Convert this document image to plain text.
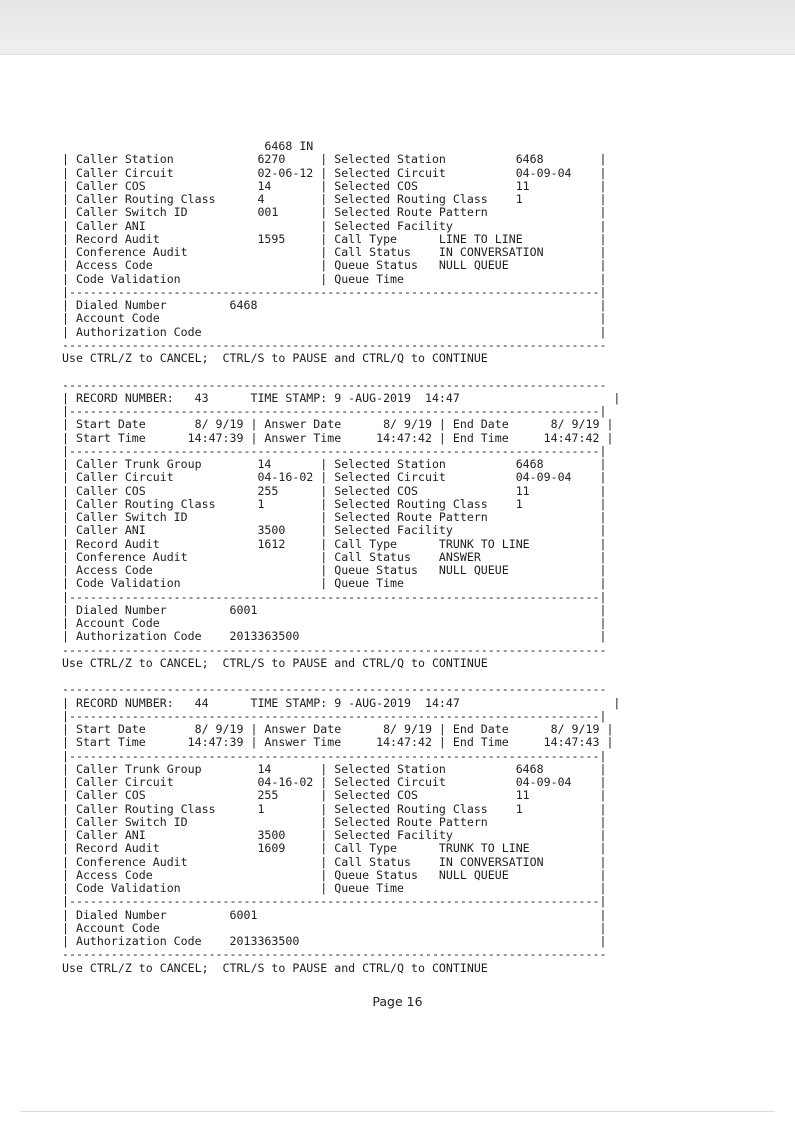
6468 IN
| Caller Station            6270     | Selected Station          6468        |
| Caller Circuit            02-06-12 | Selected Circuit          04-09-04    |
| Caller COS                14       | Selected COS              11          |
| Caller Routing Class      4        | Selected Routing Class    1           |
| Caller Switch ID          001      | Selected Route Pattern                |
| Caller ANI                         | Selected Facility                     |
| Record Audit              1595     | Call Type      LINE TO LINE           |
| Conference Audit                   | Call Status    IN CONVERSATION        |
| Access Code                        | Queue Status   NULL QUEUE             |
| Code Validation                    | Queue Time                            |
|----------------------------------------------------------------------------|
| Dialed Number         6468                                                 |
| Account Code                                                               |
| Authorization Code                                                         |
------------------------------------------------------------------------------
Use CTRL/Z to CANCEL;  CTRL/S to PAUSE and CTRL/Q to CONTINUE

------------------------------------------------------------------------------
| RECORD NUMBER:   43      TIME STAMP: 9 -AUG-2019  14:47                      |
|----------------------------------------------------------------------------|
| Start Date       8/ 9/19 | Answer Date      8/ 9/19 | End Date      8/ 9/19 |
| Start Time      14:47:39 | Answer Time     14:47:42 | End Time     14:47:42 |
|----------------------------------------------------------------------------|
| Caller Trunk Group        14       | Selected Station          6468        |
| Caller Circuit            04-16-02 | Selected Circuit          04-09-04    |
| Caller COS                255      | Selected COS              11          |
| Caller Routing Class      1        | Selected Routing Class    1           |
| Caller Switch ID                   | Selected Route Pattern                |
| Caller ANI                3500     | Selected Facility                     |
| Record Audit              1612     | Call Type      TRUNK TO LINE          |
| Conference Audit                   | Call Status    ANSWER                 |
| Access Code                        | Queue Status   NULL QUEUE             |
| Code Validation                    | Queue Time                            |
|----------------------------------------------------------------------------|
| Dialed Number         6001                                                 |
| Account Code                                                               |
| Authorization Code    2013363500                                           |
------------------------------------------------------------------------------
Use CTRL/Z to CANCEL;  CTRL/S to PAUSE and CTRL/Q to CONTINUE

------------------------------------------------------------------------------
| RECORD NUMBER:   44      TIME STAMP: 9 -AUG-2019  14:47                      |
|----------------------------------------------------------------------------|
| Start Date       8/ 9/19 | Answer Date      8/ 9/19 | End Date      8/ 9/19 |
| Start Time      14:47:39 | Answer Time     14:47:42 | End Time     14:47:43 |
|----------------------------------------------------------------------------|
| Caller Trunk Group        14       | Selected Station          6468        |
| Caller Circuit            04-16-02 | Selected Circuit          04-09-04    |
| Caller COS                255      | Selected COS              11          |
| Caller Routing Class      1        | Selected Routing Class    1           |
| Caller Switch ID                   | Selected Route Pattern                |
| Caller ANI                3500     | Selected Facility                     |
| Record Audit              1609     | Call Type      TRUNK TO LINE          |
| Conference Audit                   | Call Status    IN CONVERSATION        |
| Access Code                        | Queue Status   NULL QUEUE             |
| Code Validation                    | Queue Time                            |
|----------------------------------------------------------------------------|
| Dialed Number         6001                                                 |
| Account Code                                                               |
| Authorization Code    2013363500                                           |
------------------------------------------------------------------------------
Use CTRL/Z to CANCEL;  CTRL/S to PAUSE and CTRL/Q to CONTINUE

Page 16
